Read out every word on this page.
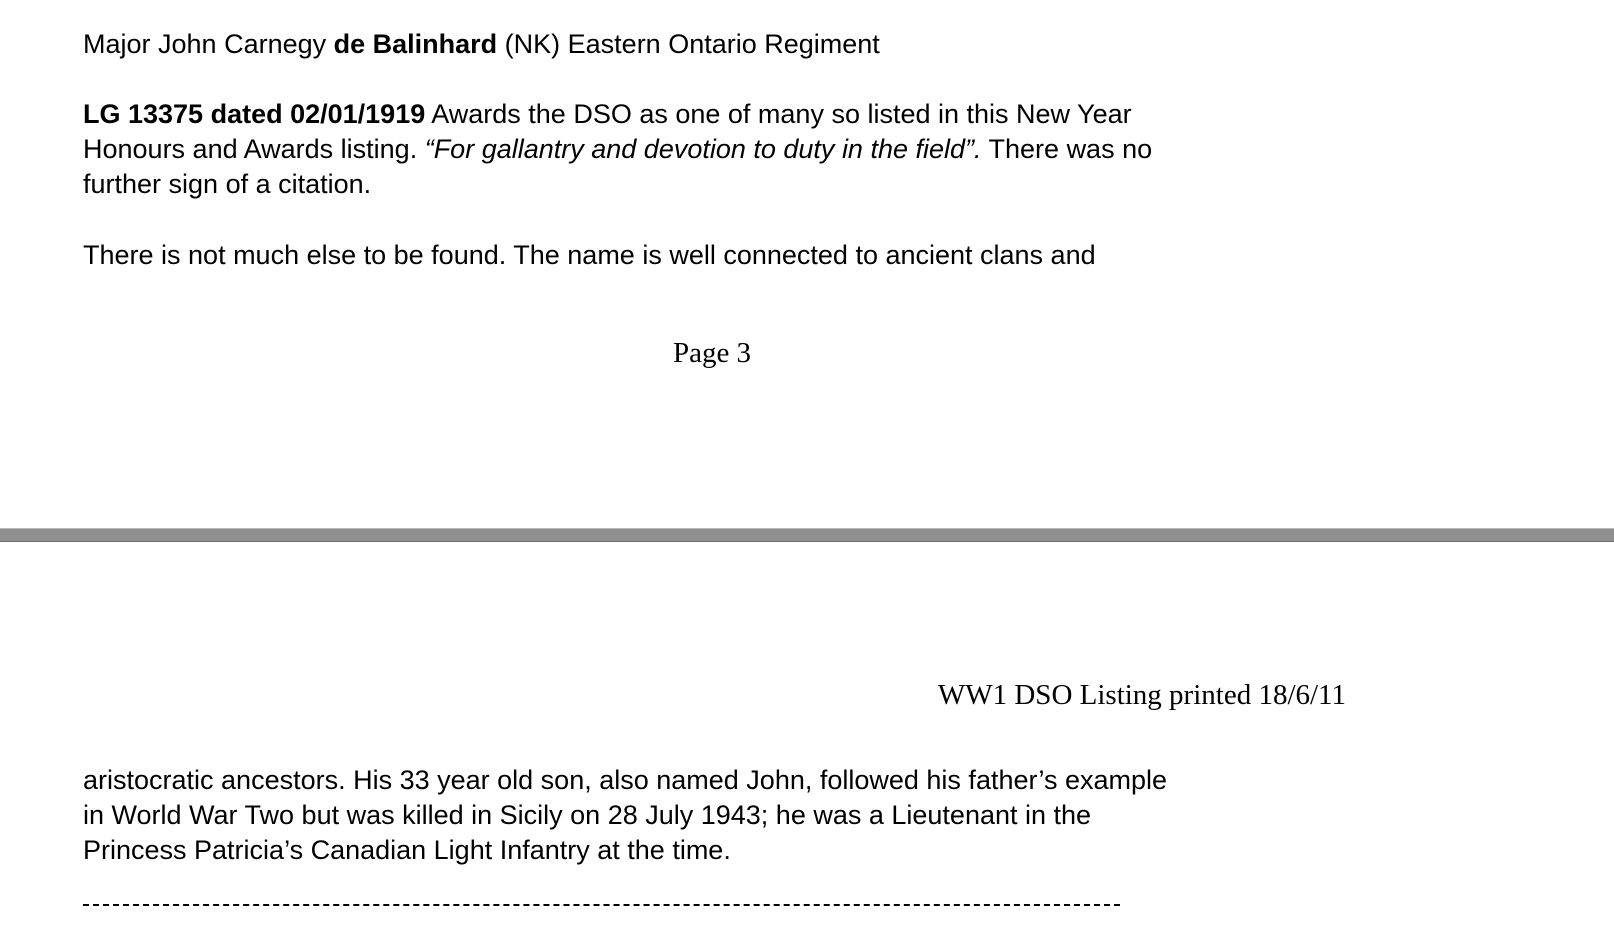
Major John Carnegy de Balinhard (NK) Eastern Ontario Regiment

LG 13375 dated 02/01/1919 Awards the DSO as one of many so listed in this New Year
Honours and Awards listing. “For gallantry and devotion to duty in the field”. There was no
further sign of a citation.

There is not much else to be found. The name is well connected to ancient clans and

Page 3
WW1 DSO Listing printed 18/6/11

aristocratic ancestors. His 33 year old son, also named John, followed his father’s example
in World War Two but was killed in Sicily on 28 July 1943; he was a Lieutenant in the
Princess Patricia’s Canadian Light Infantry at the time.
